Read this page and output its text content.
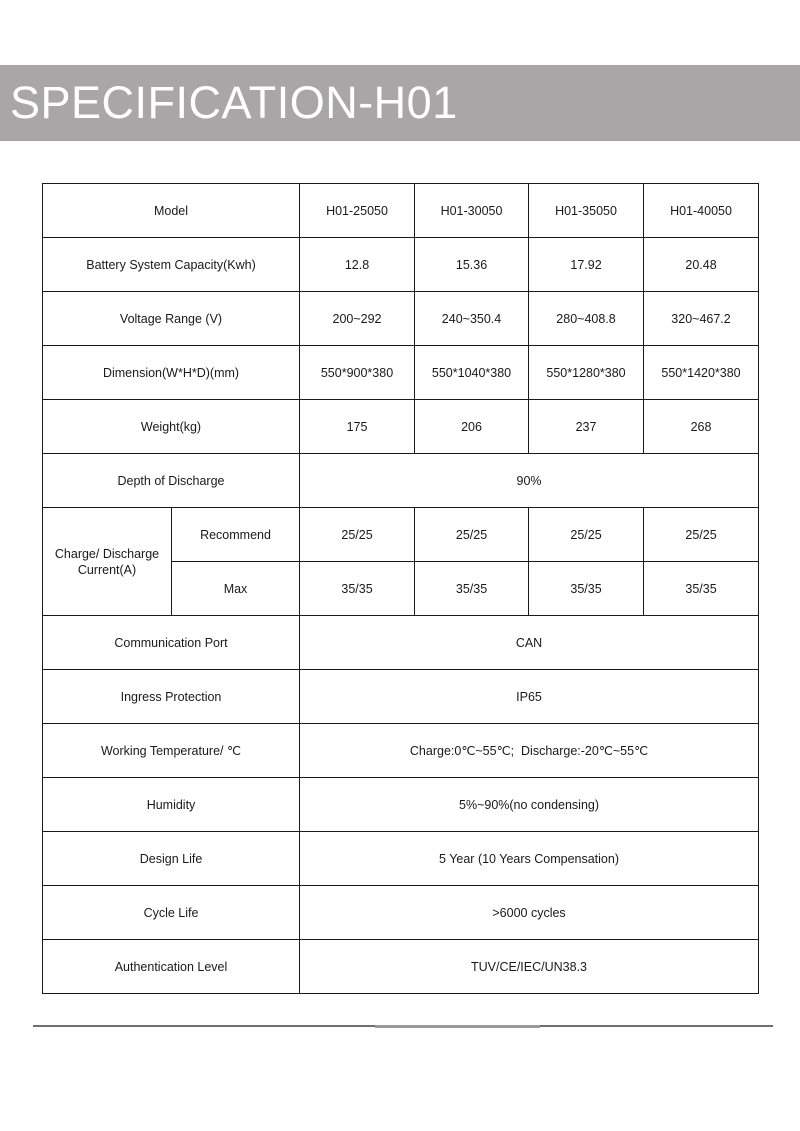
SPECIFICATION-H01
Model		H01-25050	H01-30050	H01-35050	H01-40050
Battery System Capacity(Kwh)		12.8	15.36	17.92	20.48
Voltage Range (V)		200~292	240~350.4	280~408.8	320~467.2
Dimension(W*H*D)(mm)		550*900*380	550*1040*380	550*1280*380	550*1420*380
Weight(kg)		175	206	237	268
Depth of Discharge		90%			
Charge/ Discharge Current(A)	Recommend	25/25	25/25	25/25	25/25
	Max	35/35	35/35	35/35	35/35
Communication Port		CAN			
Ingress Protection		IP65			
Working Temperature/ ℃		Charge:0℃~55℃;  Discharge:-20℃~55℃			
Humidity		5%~90%(no condensing)			
Design Life		5 Year (10 Years Compensation)			
Cycle Life		>6000 cycles			
Authentication Level		TUV/CE/IEC/UN38.3			
